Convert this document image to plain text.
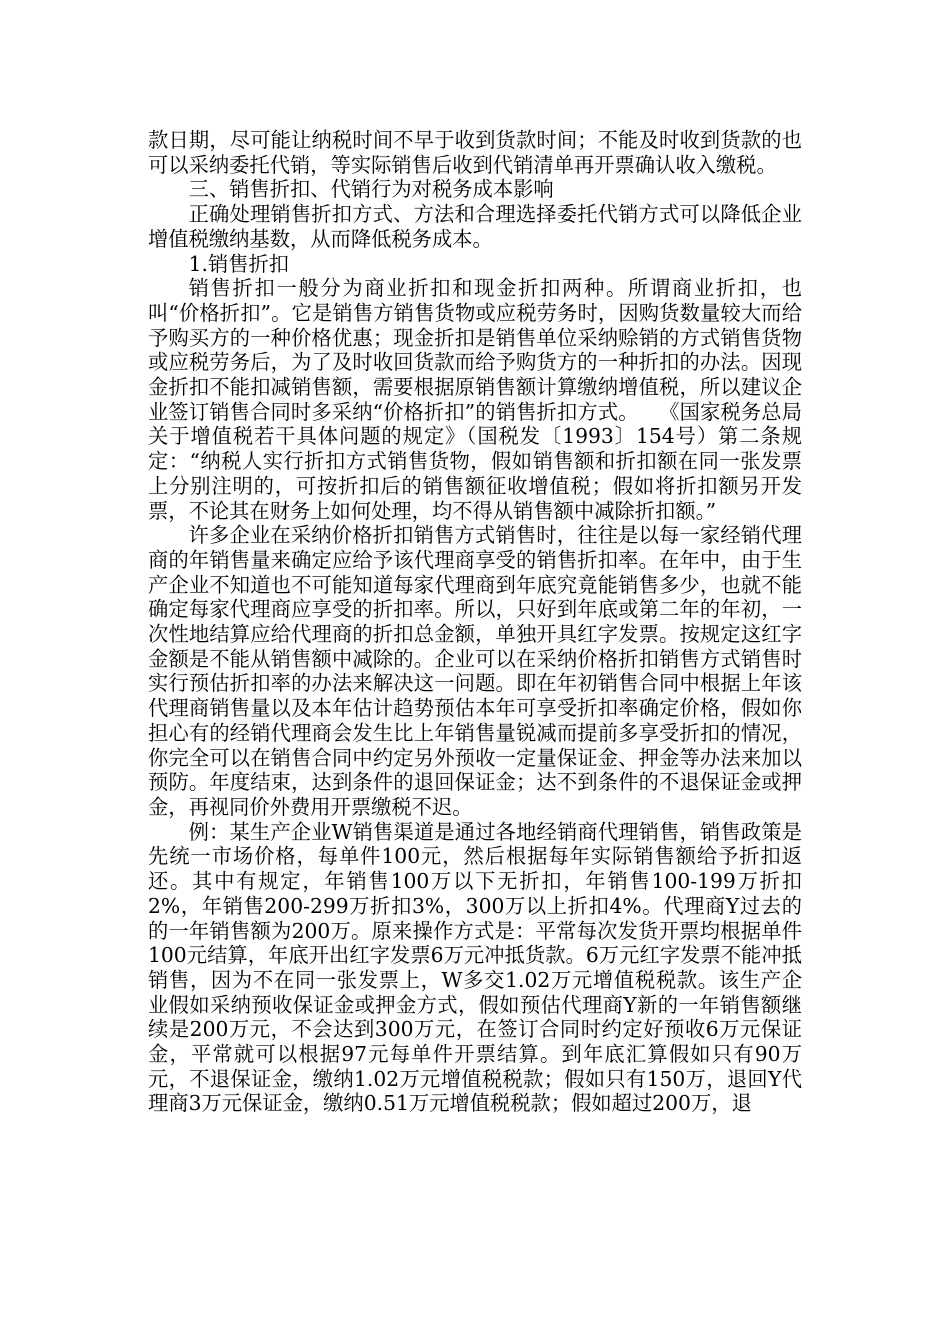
款日期，尽可能让纳税时间不早于收到货款时间；不能及时收到货款的也可以采纳委托代销，等实际销售后收到代销清单再开票确认收入缴税。

三、销售折扣、代销行为对税务成本影响

正确处理销售折扣方式、方法和合理选择委托代销方式可以降低企业增值税缴纳基数，从而降低税务成本。

1.销售折扣

销售折扣一般分为商业折扣和现金折扣两种。所谓商业折扣，也叫“价格折扣”。它是销售方销售货物或应税劳务时，因购货数量较大而给予购买方的一种价格优惠；现金折扣是销售单位采纳赊销的方式销售货物或应税劳务后，为了及时收回货款而给予购货方的一种折扣的办法。因现金折扣不能扣减销售额，需要根据原销售额计算缴纳增值税，所以建议企业签订销售合同时多采纳“价格折扣”的销售折扣方式。　　《国家税务总局关于增值税若干具体问题的规定》（国税发〔1993〕154号）第二条规定：“纳税人实行折扣方式销售货物，假如销售额和折扣额在同一张发票上分别注明的，可按折扣后的销售额征收增值税；假如将折扣额另开发票，不论其在财务上如何处理，均不得从销售额中减除折扣额。”

许多企业在采纳价格折扣销售方式销售时，往往是以每一家经销代理商的年销售量来确定应给予该代理商享受的销售折扣率。在年中，由于生产企业不知道也不可能知道每家代理商到年底究竟能销售多少，也就不能确定每家代理商应享受的折扣率。所以，只好到年底或第二年的年初，一次性地结算应给代理商的折扣总金额，单独开具红字发票。按规定这红字金额是不能从销售额中减除的。企业可以在采纳价格折扣销售方式销售时实行预估折扣率的办法来解决这一问题。即在年初销售合同中根据上年该代理商销售量以及本年估计趋势预估本年可享受折扣率确定价格，假如你担心有的经销代理商会发生比上年销售量锐减而提前多享受折扣的情况，你完全可以在销售合同中约定另外预收一定量保证金、押金等办法来加以预防。年度结束，达到条件的退回保证金；达不到条件的不退保证金或押金，再视同价外费用开票缴税不迟。

例：某生产企业W销售渠道是通过各地经销商代理销售，销售政策是先统一市场价格，每单件100元，然后根据每年实际销售额给予折扣返还。其中有规定，年销售100万以下无折扣，年销售100-199万折扣2%，年销售200-299万折扣3%，300万以上折扣4%。代理商Y过去的的一年销售额为200万。原来操作方式是：平常每次发货开票均根据单件100元结算，年底开出红字发票6万元冲抵货款。6万元红字发票不能冲抵销售，因为不在同一张发票上，W多交1.02万元增值税税款。该生产企业假如采纳预收保证金或押金方式，假如预估代理商Y新的一年销售额继续是200万元，不会达到300万元，在签订合同时约定好预收6万元保证金，平常就可以根据97元每单件开票结算。到年底汇算假如只有90万元，不退保证金，缴纳1.02万元增值税税款；假如只有150万，退回Y代理商3万元保证金，缴纳0.51万元增值税税款；假如超过200万，退
